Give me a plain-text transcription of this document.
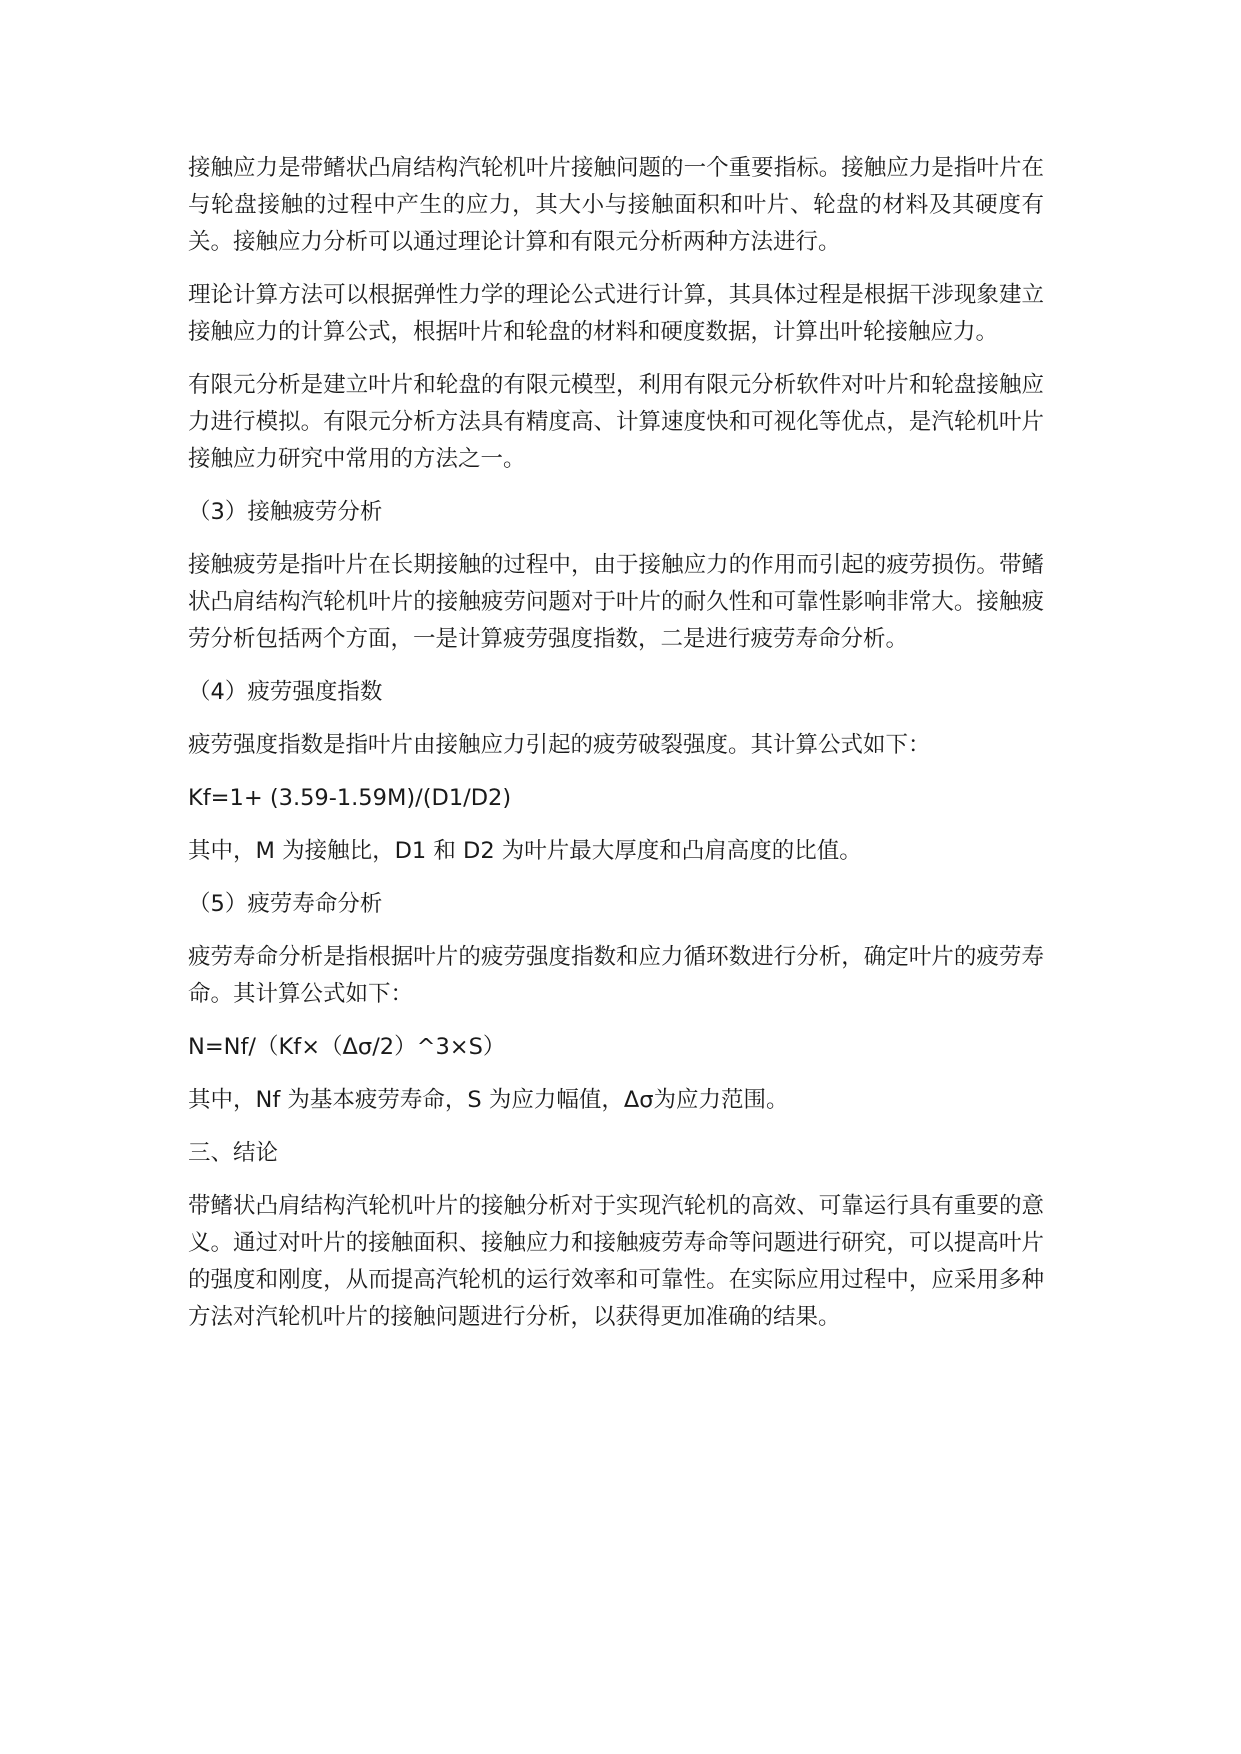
接触应力是带鳍状凸肩结构汽轮机叶片接触问题的一个重要指标。接触应力是指叶片在与轮盘接触的过程中产生的应力，其大小与接触面积和叶片、轮盘的材料及其硬度有关。接触应力分析可以通过理论计算和有限元分析两种方法进行。

理论计算方法可以根据弹性力学的理论公式进行计算，其具体过程是根据干涉现象建立接触应力的计算公式，根据叶片和轮盘的材料和硬度数据，计算出叶轮接触应力。

有限元分析是建立叶片和轮盘的有限元模型，利用有限元分析软件对叶片和轮盘接触应力进行模拟。有限元分析方法具有精度高、计算速度快和可视化等优点，是汽轮机叶片接触应力研究中常用的方法之一。

（3）接触疲劳分析

接触疲劳是指叶片在长期接触的过程中，由于接触应力的作用而引起的疲劳损伤。带鳍状凸肩结构汽轮机叶片的接触疲劳问题对于叶片的耐久性和可靠性影响非常大。接触疲劳分析包括两个方面，一是计算疲劳强度指数，二是进行疲劳寿命分析。

（4）疲劳强度指数

疲劳强度指数是指叶片由接触应力引起的疲劳破裂强度。其计算公式如下：

Kf=1+ (3.59-1.59M)/(D1/D2)

其中，M 为接触比，D1 和 D2 为叶片最大厚度和凸肩高度的比值。

（5）疲劳寿命分析

疲劳寿命分析是指根据叶片的疲劳强度指数和应力循环数进行分析，确定叶片的疲劳寿命。其计算公式如下：

N=Nf/（Kf×（Δσ/2）^3×S）

其中，Nf 为基本疲劳寿命，S 为应力幅值，Δσ为应力范围。

三、结论

带鳍状凸肩结构汽轮机叶片的接触分析对于实现汽轮机的高效、可靠运行具有重要的意义。通过对叶片的接触面积、接触应力和接触疲劳寿命等问题进行研究，可以提高叶片的强度和刚度，从而提高汽轮机的运行效率和可靠性。在实际应用过程中，应采用多种方法对汽轮机叶片的接触问题进行分析，以获得更加准确的结果。
